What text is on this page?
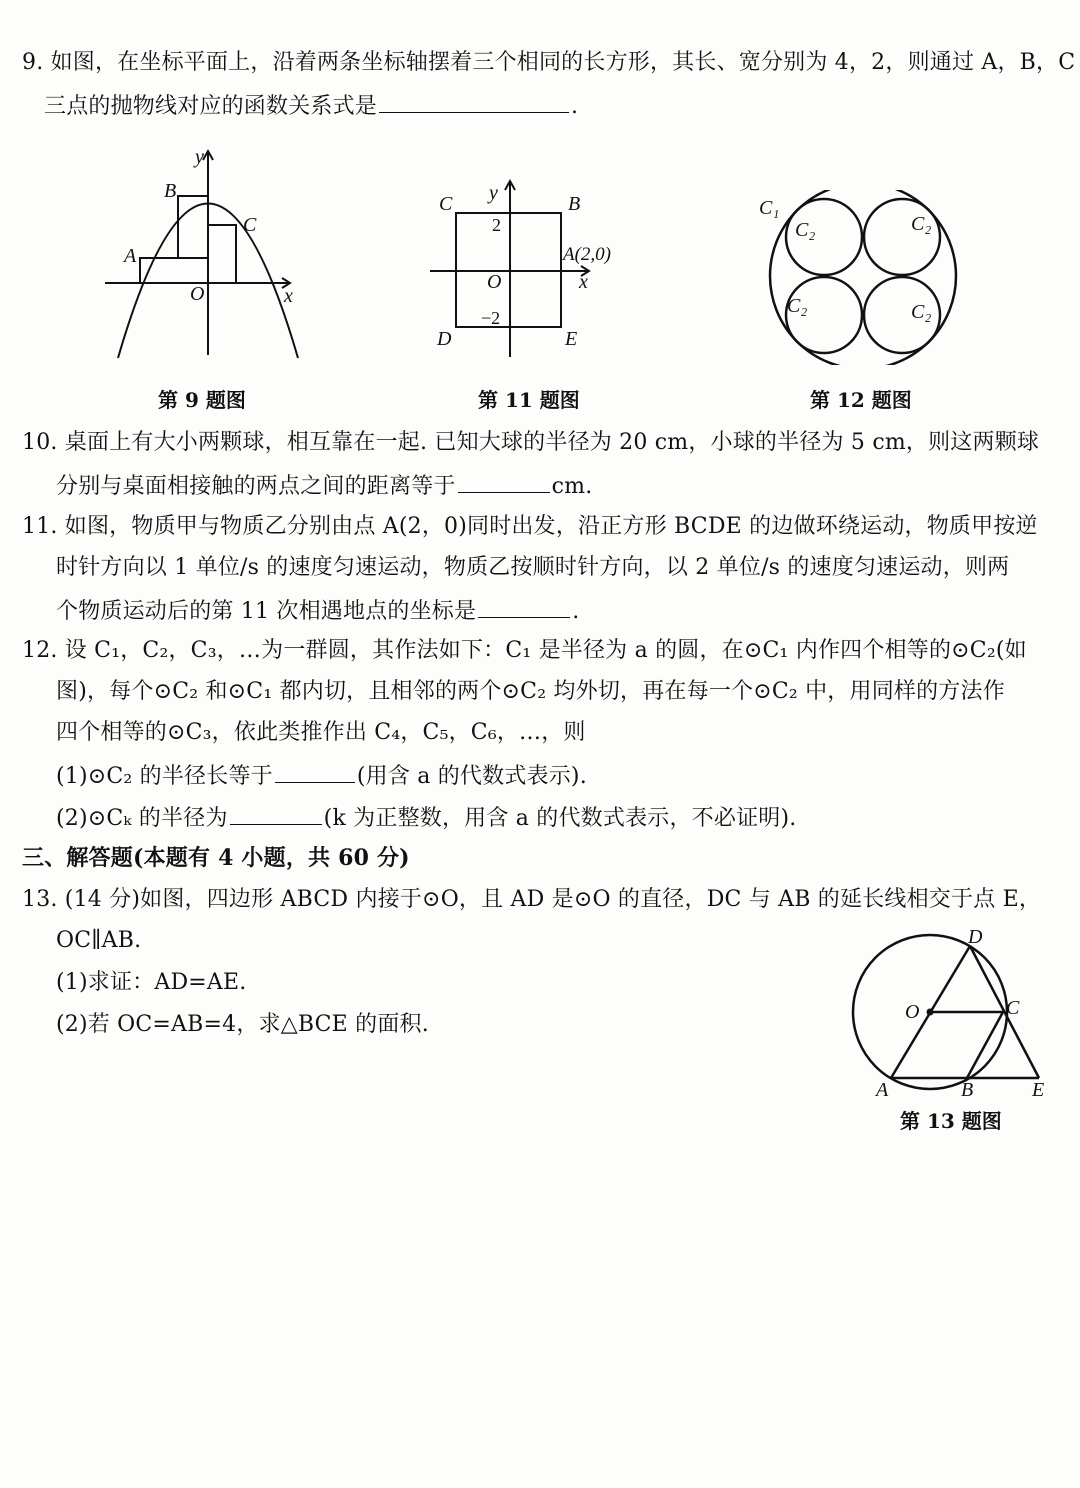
9. 如图，在坐标平面上，沿着两条坐标轴摆着三个相同的长方形，其长、宽分别为 4，2，则通过 A，B，C
三点的抛物线对应的函数关系式是	.
y
x
O
A
B
C
第 9 题图
y
x
O
C	B
D	E
A(2,0)
2
−2
第 11 题图
C₁
C₂	C₂
C₂	C₂
第 12 题图
10. 桌面上有大小两颗球，相互靠在一起. 已知大球的半径为 20 cm，小球的半径为 5 cm，则这两颗球
分别与桌面相接触的两点之间的距离等于	cm.
11. 如图，物质甲与物质乙分别由点 A(2，0)同时出发，沿正方形 BCDE 的边做环绕运动，物质甲按逆
时针方向以 1 单位/s 的速度匀速运动，物质乙按顺时针方向，以 2 单位/s 的速度匀速运动，则两
个物质运动后的第 11 次相遇地点的坐标是	.
12. 设 C₁，C₂，C₃，…为一群圆，其作法如下：C₁ 是半径为 a 的圆，在⊙C₁ 内作四个相等的⊙C₂(如
图)，每个⊙C₂ 和⊙C₁ 都内切，且相邻的两个⊙C₂ 均外切，再在每一个⊙C₂ 中，用同样的方法作
四个相等的⊙C₃，依此类推作出 C₄，C₅，C₆，…，则
(1)⊙C₂ 的半径长等于	(用含 a 的代数式表示).
(2)⊙Cₖ 的半径为	(k 为正整数，用含 a 的代数式表示，不必证明).
三、解答题(本题有 4 小题，共 60 分)
13. (14 分)如图，四边形 ABCD 内接于⊙O，且 AD 是⊙O 的直径，DC 与 AB 的延长线相交于点 E，
OC∥AB.
(1)求证：AD=AE.
(2)若 OC=AB=4，求△BCE 的面积.
D
O	C
A	B	E
第 13 题图
